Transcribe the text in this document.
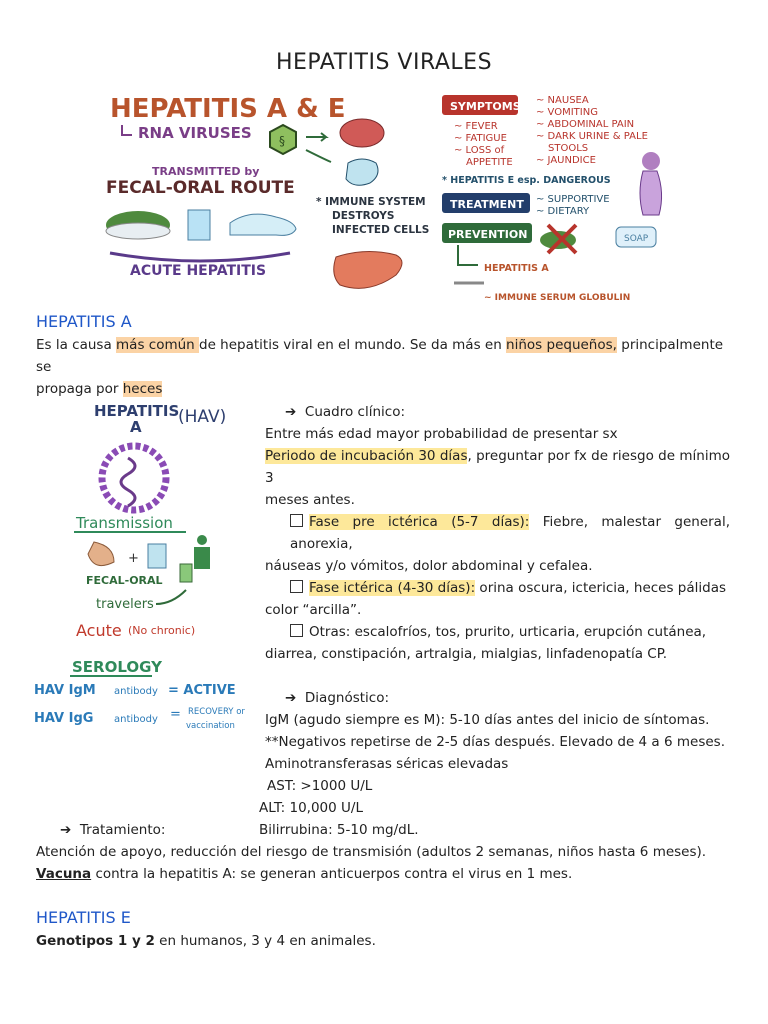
HEPATITIS VIRALES
HEPATITIS A & E
RNA VIRUSES §
TRANSMITTED by
FECAL-ORAL ROUTE
ACUTE HEPATITIS
* IMMUNE SYSTEM
DESTROYS
INFECTED CELLS
SYMPTOMS
~ FEVER
~ FATIGUE
~ LOSS of
APPETITE
~ NAUSEA
~ VOMITING
~ ABDOMINAL PAIN
~ DARK URINE & PALE
STOOLS
~ JAUNDICE
* HEPATITIS E esp. DANGEROUS
TREATMENT ~ SUPPORTIVE
~ DIETARY
PREVENTION	SOAP
HEPATITIS A
~ IMMUNE SERUM GLOBULIN
HEPATITIS A
Es la causa más común de hepatitis viral en el mundo. Se da más en niños pequeños, principalmente se
propaga por heces
HEPATITIS
A (HAV)
Transmission
+
FECAL-ORAL
travelers
Acute (No chronic)
SEROLOGY
HAV IgM antibody = ACTIVE
HAV IgG antibody = RECOVERY or
vaccination
➔ Cuadro clínico:
Entre más edad mayor probabilidad de presentar sx
Periodo de incubación 30 días, preguntar por fx de riesgo de mínimo 3
meses antes.
Fase pre ictérica (5-7 días): Fiebre, malestar general, anorexia,
náuseas y/o vómitos, dolor abdominal y cefalea.
Fase ictérica (4-30 días): orina oscura, ictericia, heces pálidas
color “arcilla”.
Otras: escalofríos, tos, prurito, urticaria, erupción cutánea,
diarrea, constipación, artralgia, mialgias, linfadenopatía CP.
➔ Diagnóstico:
IgM (agudo siempre es M): 5-10 días antes del inicio de síntomas.
**Negativos repetirse de 2-5 días después. Elevado de 4 a 6 meses.
Aminotransferasas séricas elevadas
AST: >1000 U/L
ALT: 10,000 U/L
Bilirrubina: 5-10 mg/dL.
➔ Tratamiento:
Atención de apoyo, reducción del riesgo de transmisión (adultos 2 semanas, niños hasta 6 meses).
Vacuna contra la hepatitis A: se generan anticuerpos contra el virus en 1 mes.
HEPATITIS E
Genotipos 1 y 2 en humanos, 3 y 4 en animales.
